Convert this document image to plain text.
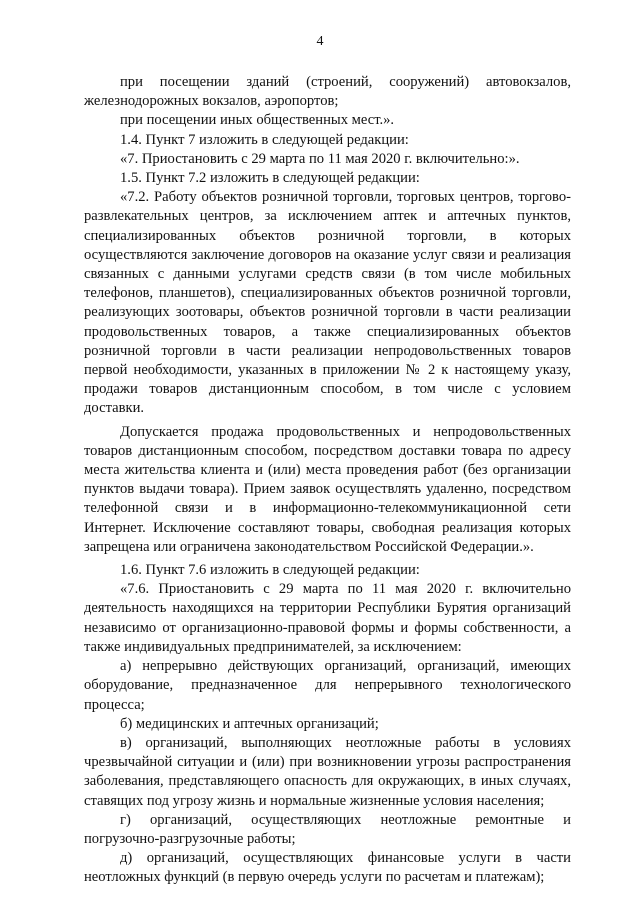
4

при посещении зданий (строений, сооружений) автовокзалов, железнодорожных вокзалов, аэропортов;

при посещении иных общественных мест.».

1.4. Пункт 7 изложить в следующей редакции:

«7. Приостановить с 29 марта по 11 мая 2020 г. включительно:».

1.5. Пункт 7.2 изложить в следующей редакции:

«7.2. Работу объектов розничной торговли, торговых центров, торгово-развлекательных центров, за исключением аптек и аптечных пунктов, специализированных объектов розничной торговли, в которых осуществляются заключение договоров на оказание услуг связи и реализация связанных с данными услугами средств связи (в том числе мобильных телефонов, планшетов), специализированных объектов розничной торговли, реализующих зоотовары, объектов розничной торговли в части реализации продовольственных товаров, а также специализированных объектов розничной торговли в части реализации непродовольственных товаров первой необходимости, указанных в приложении № 2 к настоящему указу, продажи товаров дистанционным способом, в том числе с условием доставки.

Допускается продажа продовольственных и непродовольственных товаров дистанционным способом, посредством доставки товара по адресу места жительства клиента и (или) места проведения работ (без организации пунктов выдачи товара). Прием заявок осуществлять удаленно, посредством телефонной связи и в информационно-телекоммуникационной сети Интернет. Исключение составляют товары, свободная реализация которых запрещена или ограничена законодательством Российской Федерации.».

1.6. Пункт 7.6 изложить в следующей редакции:

«7.6. Приостановить с 29 марта по 11 мая 2020 г. включительно деятельность находящихся на территории Республики Бурятия организаций независимо от организационно-правовой формы и формы собственности, а также индивидуальных предпринимателей, за исключением:

а) непрерывно действующих организаций, организаций, имеющих оборудование, предназначенное для непрерывного технологического процесса;

б) медицинских и аптечных организаций;

в) организаций, выполняющих неотложные работы в условиях чрезвычайной ситуации и (или) при возникновении угрозы распространения заболевания, представляющего опасность для окружающих, в иных случаях, ставящих под угрозу жизнь и нормальные жизненные условия населения;

г) организаций, осуществляющих неотложные ремонтные и погрузочно-разгрузочные работы;

д) организаций, осуществляющих финансовые услуги в части неотложных функций (в первую очередь услуги по расчетам и платежам);
